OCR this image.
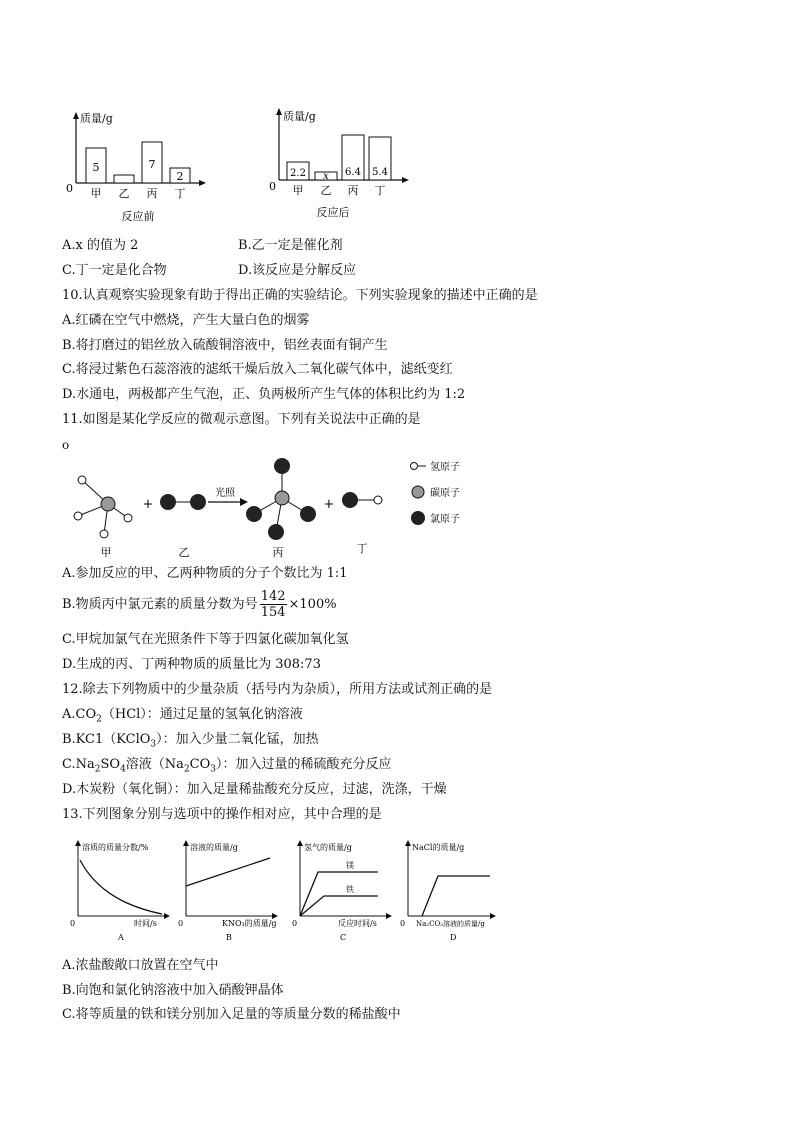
质量/g
0
5	7
2
甲 乙 丙 丁
反应前
质量/g
0
2.2 x 6.4 5.4
甲 乙 丙 丁
反应后
A.x 的值为 2	B.乙一定是催化剂
C.丁一定是化合物	D.该反应是分解反应
10.认真观察实验现象有助于得出正确的实验结论。下列实验现象的描述中正确的是
A.红磷在空气中燃烧，产生大量白色的烟雾
B.将打磨过的铝丝放入硫酸铜溶液中，铝丝表面有铜产生
C.将浸过紫色石蕊溶液的滤纸干燥后放入二氧化碳气体中，滤纸变红
D.水通电，两极都产生气泡，正、负两极所产生气体的体积比约为 1:2
11.如图是某化学反应的微观示意图。下列有关说法中正确的是
o
甲
+
乙
光照
丙
+
丁
氢原子
碳原子
氯原子
A.参加反应的甲、乙两种物质的分子个数比为 1:1
B.物质丙中氯元素的质量分数为号 $\frac{142}{154} \times 100\%$
C.甲烷加氯气在光照条件下等于四氯化碳加氧化氢
D.生成的丙、丁两种物质的质量比为 308:73
12.除去下列物质中的少量杂质（括号内为杂质），所用方法或试剂正确的是
$A.CO_2(HCl)$：通过足量的氢氧化钠溶液
B.KC1（KClO$_3$）：加入少量二氧化锰，加热
$C.Na_2SO_4$溶液$(Na_2CO_3)$：加入过量的稀硫酸充分反应
D.木炭粉（氧化铜）：加入足量稀盐酸充分反应，过滤，洗涤，干燥
13.下列图象分别与选项中的操作相对应，其中合理的是
溶质的质量分数/%
时间/s
0
A
溶液的质量/g
KNO₃的质量/g
0
B
镁
铁
氢气的质量/g
反应时间/s
0
C
NaCl的质量/g
Na₂CO₃溶液的质量/g
0
D
A.浓盐酸敞口放置在空气中
B.向饱和氯化钠溶液中加入硝酸钾晶体
C.将等质量的铁和镁分别加入足量的等质量分数的稀盐酸中
